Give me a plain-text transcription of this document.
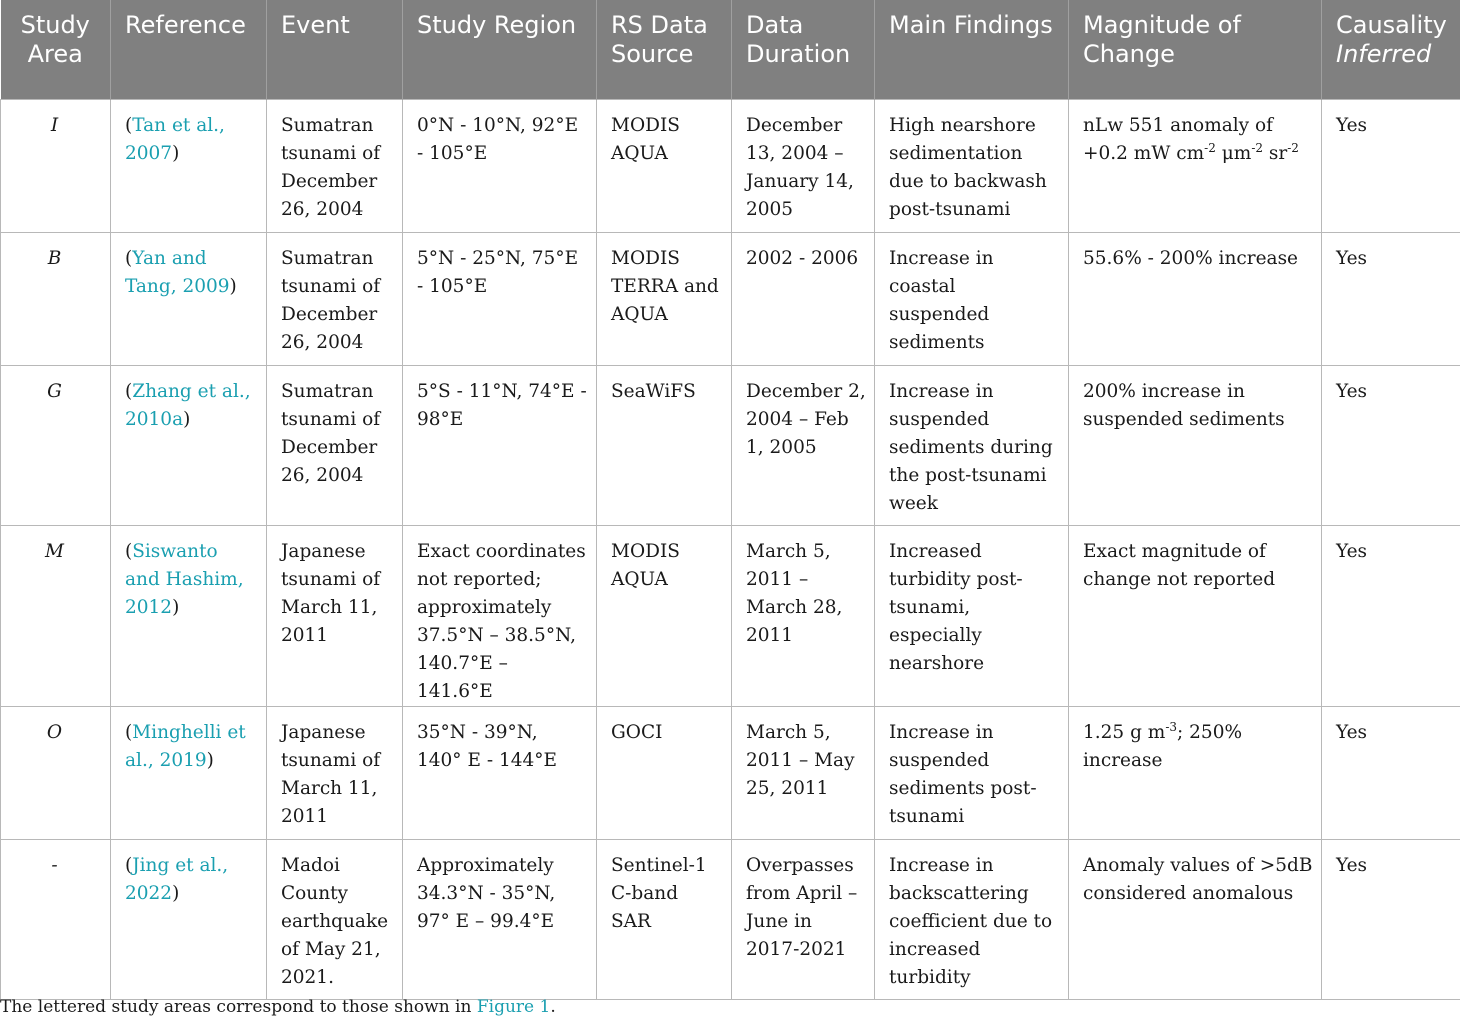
Study Area	Reference	Event	Study Region	RS Data Source	Data Duration	Main Findings	Magnitude of Change	Causality
Inferred
I	(Tan et al., 2007)	Sumatran tsunami of December 26, 2004	0°N - 10°N, 92°E - 105°E	MODIS AQUA	December 13, 2004 – January 14, 2005	High nearshore sedimentation due to backwash post-tsunami	nLw 551 anomaly of +0.2 mW $cm^{-2}$ $\mu m^{-2}$ $sr^{-2}$	Yes
B	(Yan and Tang, 2009)	Sumatran tsunami of December 26, 2004	5°N - 25°N, 75°E - 105°E	MODIS TERRA and AQUA	2002 - 2006	Increase in coastal suspended sediments	55.6% - 200% increase	Yes
G	(Zhang et al., 2010a)	Sumatran tsunami of December 26, 2004	5°S - 11°N, 74°E - 98°E	SeaWiFS	December 2, 2004 – Feb 1, 2005	Increase in suspended sediments during the post-tsunami week	200% increase in suspended sediments	Yes
M	(Siswanto and Hashim, 2012)	Japanese tsunami of March 11, 2011	Exact coordinates not reported; approximately 37.5°N – 38.5°N, 140.7°E – 141.6°E	MODIS AQUA	March 5, 2011 – March 28, 2011	Increased turbidity post-tsunami, especially nearshore	Exact magnitude of change not reported	Yes
O	(Minghelli et al., 2019)	Japanese tsunami of March 11, 2011	35°N - 39°N, 140° E - 144°E	GOCI	March 5, 2011 – May 25, 2011	Increase in suspended sediments post-tsunami	1.25 g $m^{-3}$; 250% increase	Yes
-	(Jing et al., 2022)	Madoi County earthquake of May 21, 2021.	Approximately 34.3°N - 35°N, 97° E – 99.4°E	Sentinel-1 C-band SAR	Overpasses from April – June in 2017-2021	Increase in backscattering coefficient due to increased turbidity	Anomaly values of >5dB considered anomalous	Yes
The lettered study areas correspond to those shown in Figure 1.
